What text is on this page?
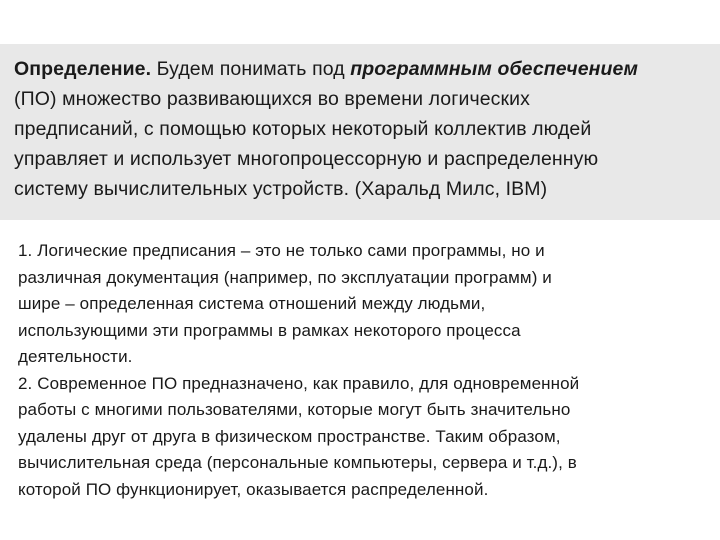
Определение. Будем понимать под программным обеспечением
(ПО) множество развивающихся во времени логических
предписаний, с помощью которых некоторый коллектив людей
управляет и использует многопроцессорную и распределенную
систему вычислительных устройств. (Харальд Милс, IBM)
1. Логические предписания – это не только сами программы, но и
различная документация (например, по эксплуатации программ) и
шире – определенная система отношений между людьми,
использующими эти программы в рамках некоторого процесса
деятельности.
2. Современное ПО предназначено, как правило, для одновременной
работы с многими пользователями, которые могут быть значительно
удалены друг от друга в физическом пространстве. Таким образом,
вычислительная среда (персональные компьютеры, сервера и т.д.), в
которой ПО функционирует, оказывается распределенной.
